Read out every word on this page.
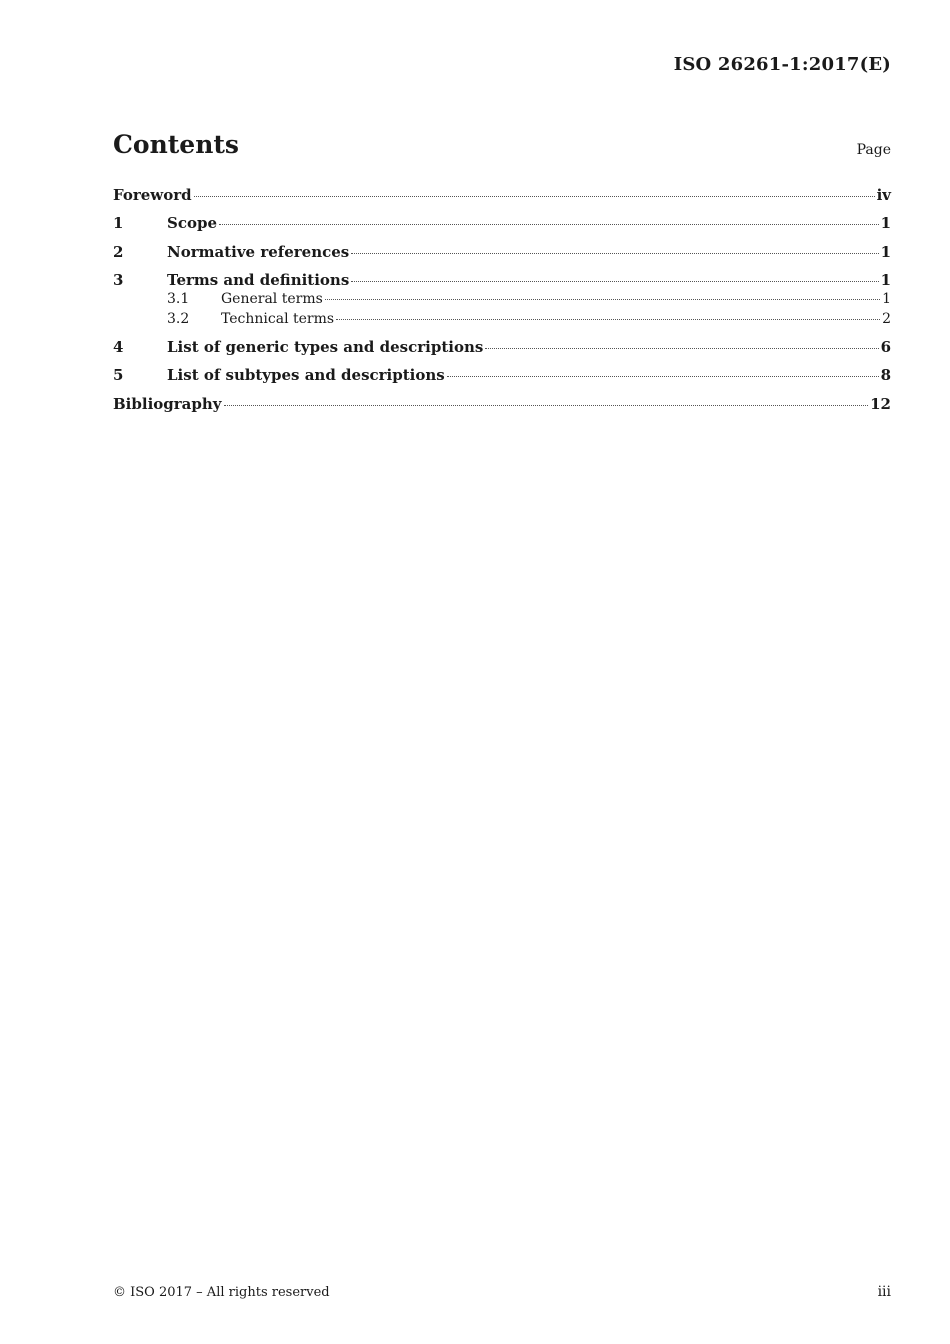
ISO 26261-1:2017(E)
Contents	Page
Foreword	iv
1	Scope	1
2	Normative references	1
3	Terms and definitions	1
3.1	General terms	1
3.2	Technical terms	2
4	List of generic types and descriptions	6
5	List of subtypes and descriptions	8
Bibliography	12
© ISO 2017 – All rights reserved	iii
